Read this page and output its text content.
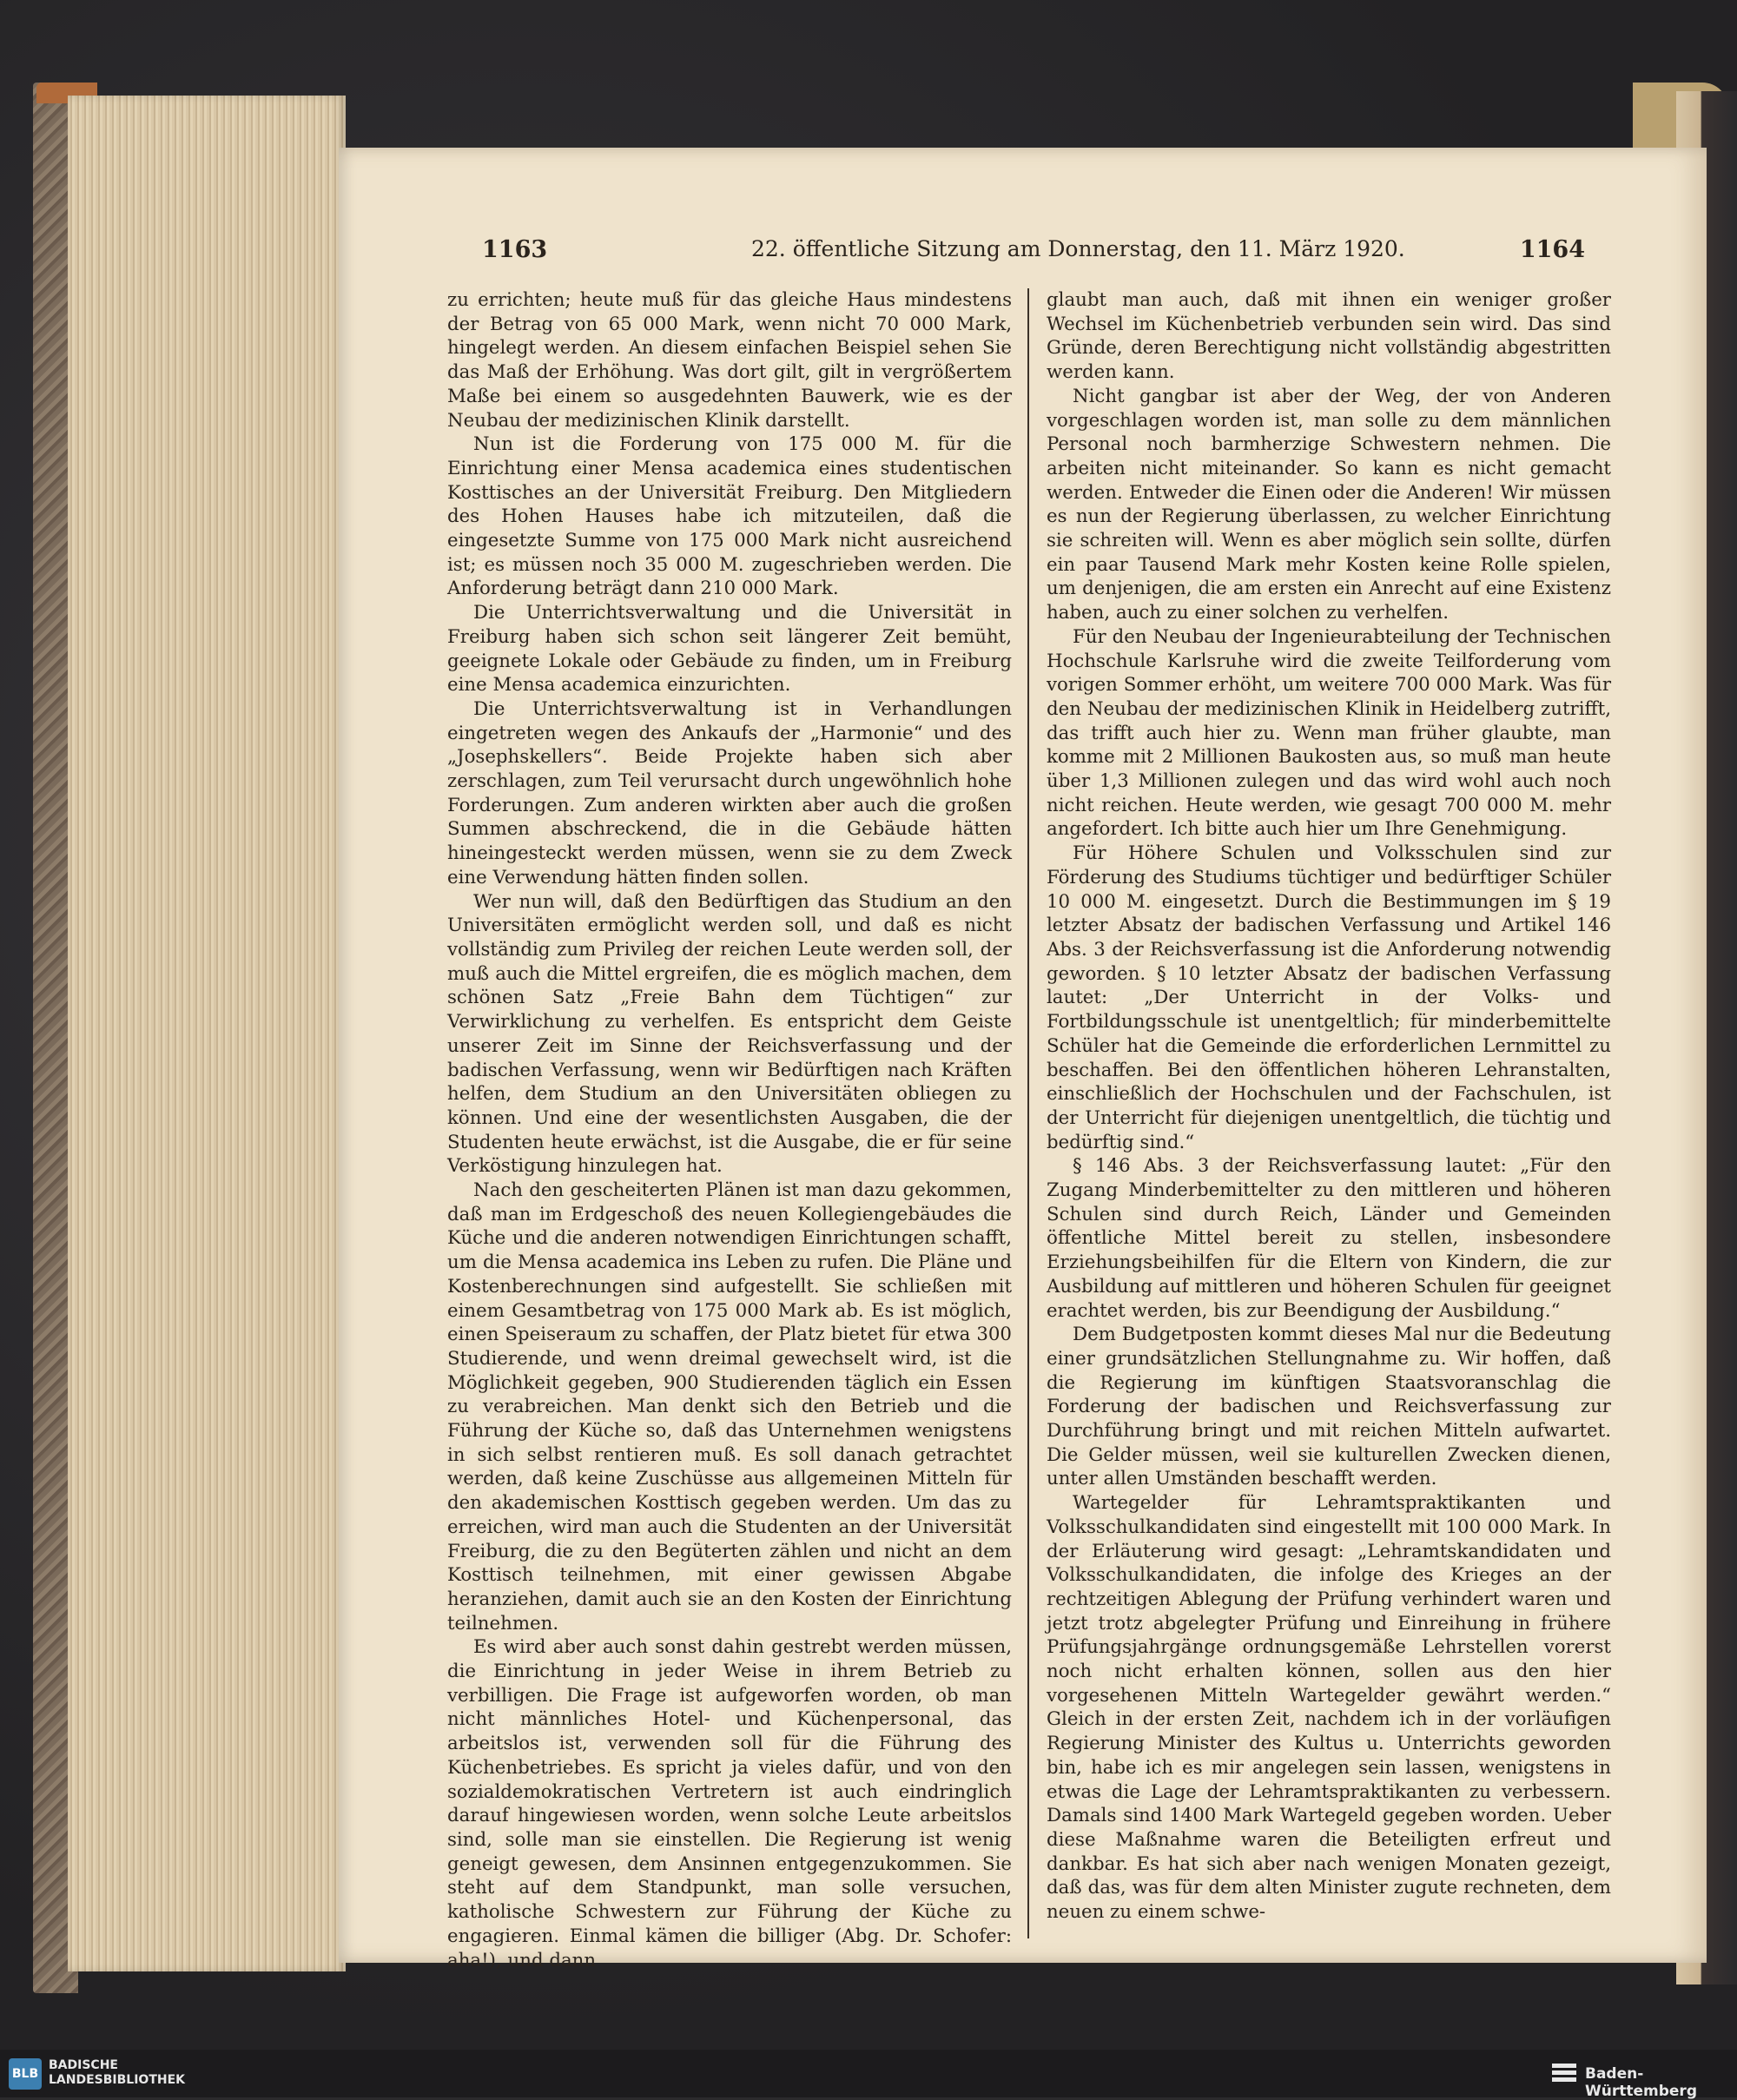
1163	22. öffentliche Sitzung am Donnerstag, den 11. März 1920.	1164

zu errichten; heute muß für das gleiche Haus mindestens der Betrag von 65 000 Mark, wenn nicht 70 000 Mark, hingelegt werden. An diesem einfachen Beispiel sehen Sie das Maß der Erhöhung. Was dort gilt, gilt in vergrößertem Maße bei einem so ausgedehnten Bauwerk, wie es der Neubau der medizinischen Klinik darstellt.

Nun ist die Forderung von 175 000 M. für die Einrichtung einer Mensa academica eines studentischen Kosttisches an der Universität Freiburg. Den Mitgliedern des Hohen Hauses habe ich mitzuteilen, daß die eingesetzte Summe von 175 000 Mark nicht ausreichend ist; es müssen noch 35 000 M. zugeschrieben werden. Die Anforderung beträgt dann 210 000 Mark.

Die Unterrichtsverwaltung und die Universität in Freiburg haben sich schon seit längerer Zeit bemüht, geeignete Lokale oder Gebäude zu finden, um in Freiburg eine Mensa academica einzurichten.

Die Unterrichtsverwaltung ist in Verhandlungen eingetreten wegen des Ankaufs der „Harmonie“ und des „Josephskellers“. Beide Projekte haben sich aber zerschlagen, zum Teil verursacht durch ungewöhnlich hohe Forderungen. Zum anderen wirkten aber auch die großen Summen abschreckend, die in die Gebäude hätten hineingesteckt werden müssen, wenn sie zu dem Zweck eine Verwendung hätten finden sollen.

Wer nun will, daß den Bedürftigen das Studium an den Universitäten ermöglicht werden soll, und daß es nicht vollständig zum Privileg der reichen Leute werden soll, der muß auch die Mittel ergreifen, die es möglich machen, dem schönen Satz „Freie Bahn dem Tüchtigen“ zur Verwirklichung zu verhelfen. Es entspricht dem Geiste unserer Zeit im Sinne der Reichsverfassung und der badischen Verfassung, wenn wir Bedürftigen nach Kräften helfen, dem Studium an den Universitäten obliegen zu können. Und eine der wesentlichsten Ausgaben, die der Studenten heute erwächst, ist die Ausgabe, die er für seine Verköstigung hinzulegen hat.

Nach den gescheiterten Plänen ist man dazu gekommen, daß man im Erdgeschoß des neuen Kollegiengebäudes die Küche und die anderen notwendigen Einrichtungen schafft, um die Mensa academica ins Leben zu rufen. Die Pläne und Kostenberechnungen sind aufgestellt. Sie schließen mit einem Gesamtbetrag von 175 000 Mark ab. Es ist möglich, einen Speiseraum zu schaffen, der Platz bietet für etwa 300 Studierende, und wenn dreimal gewechselt wird, ist die Möglichkeit gegeben, 900 Studierenden täglich ein Essen zu verabreichen. Man denkt sich den Betrieb und die Führung der Küche so, daß das Unternehmen wenigstens in sich selbst rentieren muß. Es soll danach getrachtet werden, daß keine Zuschüsse aus allgemeinen Mitteln für den akademischen Kosttisch gegeben werden. Um das zu erreichen, wird man auch die Studenten an der Universität Freiburg, die zu den Begüterten zählen und nicht an dem Kosttisch teilnehmen, mit einer gewissen Abgabe heranziehen, damit auch sie an den Kosten der Einrichtung teilnehmen.

Es wird aber auch sonst dahin gestrebt werden müssen, die Einrichtung in jeder Weise in ihrem Betrieb zu verbilligen. Die Frage ist aufgeworfen worden, ob man nicht männliches Hotel- und Küchenpersonal, das arbeitslos ist, verwenden soll für die Führung des Küchenbetriebes. Es spricht ja vieles dafür, und von den sozialdemokratischen Vertretern ist auch eindringlich darauf hingewiesen worden, wenn solche Leute arbeitslos sind, solle man sie einstellen. Die Regierung ist wenig geneigt gewesen, dem Ansinnen entgegenzukommen. Sie steht auf dem Standpunkt, man solle versuchen, katholische Schwestern zur Führung der Küche zu engagieren. Einmal kämen die billiger (Abg. Dr. Schofer: aha!), und dann

glaubt man auch, daß mit ihnen ein weniger großer Wechsel im Küchenbetrieb verbunden sein wird. Das sind Gründe, deren Berechtigung nicht vollständig abgestritten werden kann.

Nicht gangbar ist aber der Weg, der von Anderen vorgeschlagen worden ist, man solle zu dem männlichen Personal noch barmherzige Schwestern nehmen. Die arbeiten nicht miteinander. So kann es nicht gemacht werden. Entweder die Einen oder die Anderen! Wir müssen es nun der Regierung überlassen, zu welcher Einrichtung sie schreiten will. Wenn es aber möglich sein sollte, dürfen ein paar Tausend Mark mehr Kosten keine Rolle spielen, um denjenigen, die am ersten ein Anrecht auf eine Existenz haben, auch zu einer solchen zu verhelfen.

Für den Neubau der Ingenieurabteilung der Technischen Hochschule Karlsruhe wird die zweite Teilforderung vom vorigen Sommer erhöht, um weitere 700 000 Mark. Was für den Neubau der medizinischen Klinik in Heidelberg zutrifft, das trifft auch hier zu. Wenn man früher glaubte, man komme mit 2 Millionen Baukosten aus, so muß man heute über 1,3 Millionen zulegen und das wird wohl auch noch nicht reichen. Heute werden, wie gesagt 700 000 M. mehr angefordert. Ich bitte auch hier um Ihre Genehmigung.

Für Höhere Schulen und Volksschulen sind zur Förderung des Studiums tüchtiger und bedürftiger Schüler 10 000 M. eingesetzt. Durch die Bestimmungen im § 19 letzter Absatz der badischen Verfassung und Artikel 146 Abs. 3 der Reichsverfassung ist die Anforderung notwendig geworden. § 10 letzter Absatz der badischen Verfassung lautet: „Der Unterricht in der Volks- und Fortbildungsschule ist unentgeltlich; für minderbemittelte Schüler hat die Gemeinde die erforderlichen Lernmittel zu beschaffen. Bei den öffentlichen höheren Lehranstalten, einschließlich der Hochschulen und der Fachschulen, ist der Unterricht für diejenigen unentgeltlich, die tüchtig und bedürftig sind.“

§ 146 Abs. 3 der Reichsverfassung lautet: „Für den Zugang Minderbemittelter zu den mittleren und höheren Schulen sind durch Reich, Länder und Gemeinden öffentliche Mittel bereit zu stellen, insbesondere Erziehungsbeihilfen für die Eltern von Kindern, die zur Ausbildung auf mittleren und höheren Schulen für geeignet erachtet werden, bis zur Beendigung der Ausbildung.“

Dem Budgetposten kommt dieses Mal nur die Bedeutung einer grundsätzlichen Stellungnahme zu. Wir hoffen, daß die Regierung im künftigen Staatsvoranschlag die Forderung der badischen und Reichsverfassung zur Durchführung bringt und mit reichen Mitteln aufwartet. Die Gelder müssen, weil sie kulturellen Zwecken dienen, unter allen Umständen beschafft werden.

Wartegelder für Lehramtspraktikanten und Volksschulkandidaten sind eingestellt mit 100 000 Mark. In der Erläuterung wird gesagt: „Lehramtskandidaten und Volksschulkandidaten, die infolge des Krieges an der rechtzeitigen Ablegung der Prüfung verhindert waren und jetzt trotz abgelegter Prüfung und Einreihung in frühere Prüfungsjahrgänge ordnungsgemäße Lehrstellen vorerst noch nicht erhalten können, sollen aus den hier vorgesehenen Mitteln Wartegelder gewährt werden.“ Gleich in der ersten Zeit, nachdem ich in der vorläufigen Regierung Minister des Kultus u. Unterrichts geworden bin, habe ich es mir angelegen sein lassen, wenigstens in etwas die Lage der Lehramtspraktikanten zu verbessern. Damals sind 1400 Mark Wartegeld gegeben worden. Ueber diese Maßnahme waren die Beteiligten erfreut und dankbar. Es hat sich aber nach wenigen Monaten gezeigt, daß das, was für dem alten Minister zugute rechneten, dem neuen zu einem schwe-

BLB
BADISCHE
LANDESBIBLIOTHEK	Baden-Württemberg
